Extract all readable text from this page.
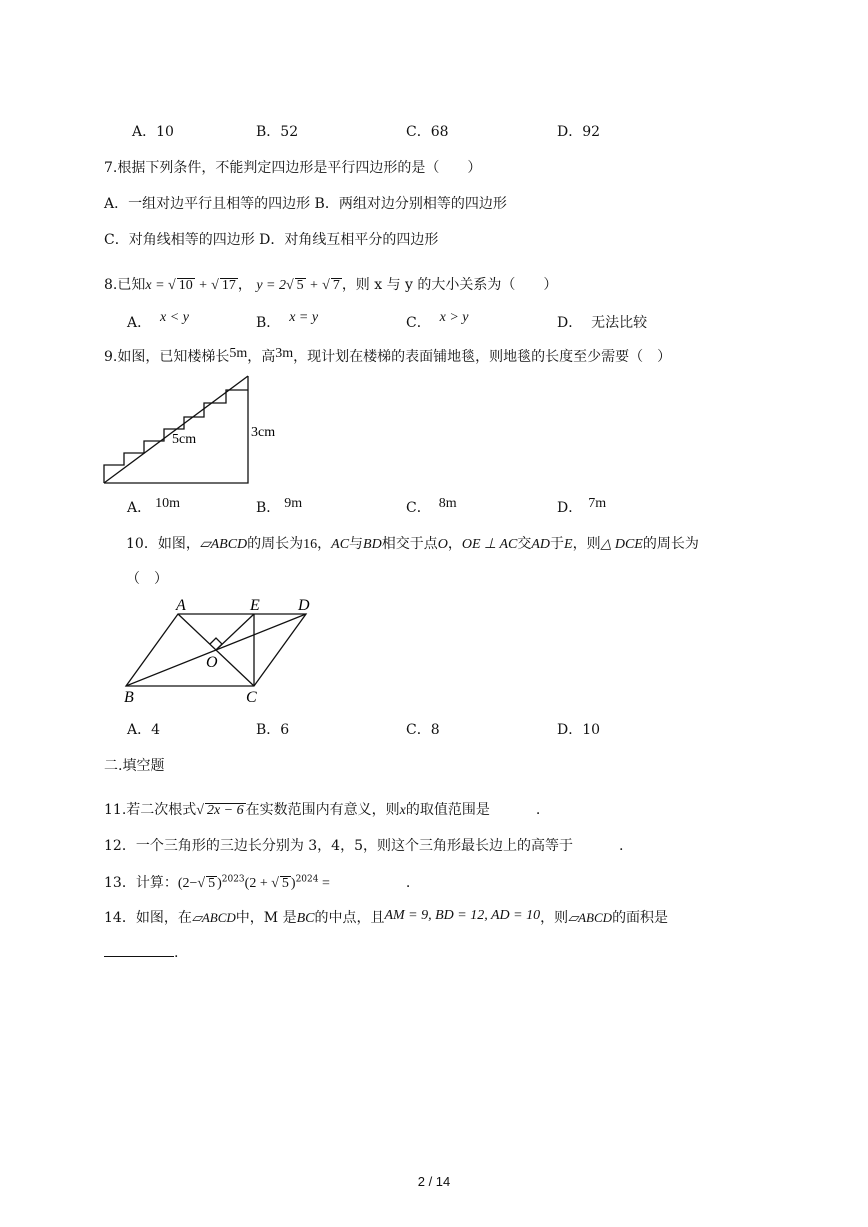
A．10	B．52	C．68	D．92
7.根据下列条件，不能判定四边形是平行四边形的是（　　）
A．一组对边平行且相等的四边形 B．两组对边分别相等的四边形
C．对角线相等的四边形 D．对角线互相平分的四边形
8.已知x = √ 10 + √ 17 ， y = 2√ 5 + √ 7 ，则 x 与 y 的大小关系为（　　）
A． x < y	B． x = y	C． x > y	D． 无法比较
9.如图，已知楼梯长5m，高3m，现计划在楼梯的表面铺地毯，则地毯的长度至少需要（　）
5cm	3cm
A． 10m	B． 9m	C． 8m	D． 7m
10．如图，▱ABCD的周长为16，AC与BD相交于点O，OE ⊥ AC交AD于E，则△ DCE的周长为
（　）
A	E D
O
B	C
A．4	B．6	C．8	D．10
二.填空题
11.若二次根式√ 2x − 6 在实数范围内有意义，则x的取值范围是	.
12．一个三角形的三边长分别为 3，4，5，则这个三角形最长边上的高等于	.
13．计算：(2−√ 5 )$^{2023}$(2 + √ 5 )$^{2024}$ =	.
14．如图，在▱ABCD中，M 是BC的中点，且AM = 9, BD = 12, AD = 10，则▱ABCD的面积是
.
2 / 14
